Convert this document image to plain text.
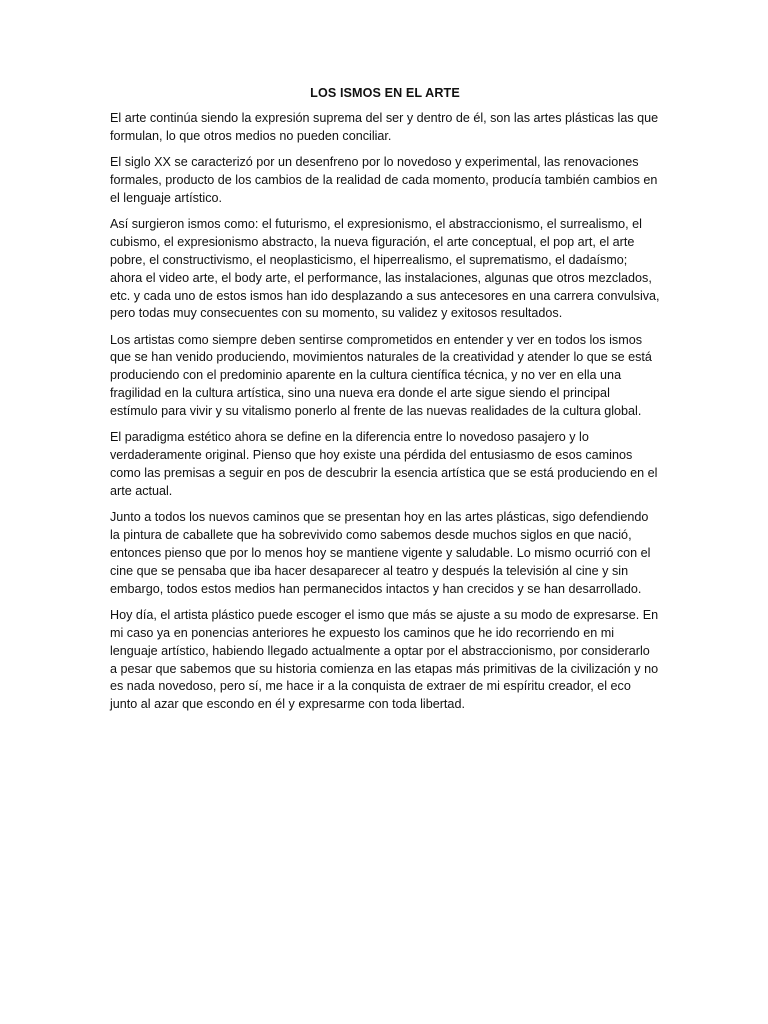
LOS ISMOS EN EL ARTE

El arte continúa siendo la expresión suprema del ser y dentro de él, son las artes plásticas las que formulan, lo que otros medios no pueden conciliar.

El siglo XX se caracterizó por un desenfreno por lo novedoso y experimental, las renovaciones formales, producto de los cambios de la realidad de cada momento, producía también cambios en el lenguaje artístico.

Así surgieron ismos como: el futurismo, el expresionismo, el abstraccionismo, el surrealismo, el cubismo, el expresionismo abstracto, la nueva figuración, el arte conceptual, el pop art, el arte pobre, el constructivismo, el neoplasticismo, el hiperrealismo, el suprematismo, el dadaísmo; ahora el video arte, el body arte, el performance, las instalaciones, algunas que otros mezclados, etc. y cada uno de estos ismos han ido desplazando a sus antecesores en una carrera convulsiva, pero todas muy consecuentes con su momento, su validez y exitosos resultados.

Los artistas como siempre deben sentirse comprometidos en entender y ver en todos los ismos que se han venido produciendo, movimientos naturales de la creatividad y atender lo que se está produciendo con el predominio aparente en la cultura científica técnica, y no ver en ella una fragilidad en la cultura artística, sino una nueva era donde el arte sigue siendo el principal estímulo para vivir y su vitalismo ponerlo al frente de las nuevas realidades de la cultura global.

El paradigma estético ahora se define en la diferencia entre lo novedoso pasajero y lo verdaderamente original. Pienso que hoy existe una pérdida del entusiasmo de esos caminos como las premisas a seguir en pos de descubrir la esencia artística que se está produciendo en el arte actual.

Junto a todos los nuevos caminos que se presentan hoy en las artes plásticas, sigo defendiendo la pintura de caballete que ha sobrevivido como sabemos desde muchos siglos en que nació, entonces pienso que por lo menos hoy se mantiene vigente y saludable. Lo mismo ocurrió con el cine que se pensaba que iba hacer desaparecer al teatro y después la televisión al cine y sin embargo, todos estos medios han permanecidos intactos y han crecidos y se han desarrollado.

Hoy día, el artista plástico puede escoger el ismo que más se ajuste a su modo de expresarse. En mi caso ya en ponencias anteriores he expuesto los caminos que he ido recorriendo en mi lenguaje artístico, habiendo llegado actualmente a optar por el abstraccionismo, por considerarlo a pesar que sabemos que su historia comienza en las etapas más primitivas de la civilización y no es nada novedoso, pero sí, me hace ir a la conquista de extraer de mi espíritu creador, el eco junto al azar que escondo en él y expresarme con toda libertad.
